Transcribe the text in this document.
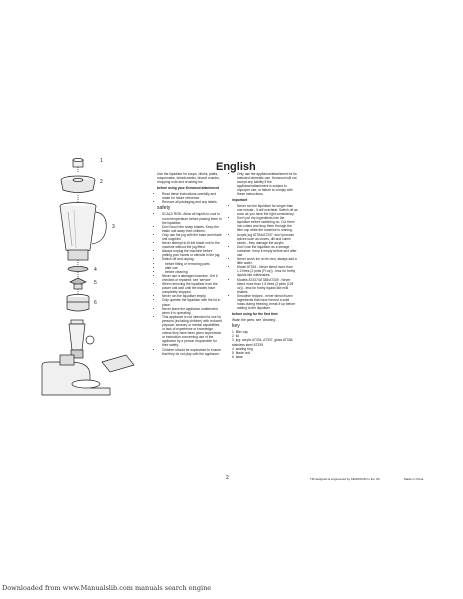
English
1
2
3
4
5
6

Use the liquidiser for soups, drinks, pâtés, mayonnaise, breadcrumbs, biscuit crumbs, chopping nuts and crushing ice.

before using your Kenwood attachment

• Read these instructions carefully and retain for future reference.
• Remove all packaging and any labels.

safety

• SCALD RISK: Allow all liquids to cool to room temperature before placing them in the liquidiser.
• Don't touch the sharp blades. Keep the blade unit away from children.
• Only use the jug with the base and blade unit supplied.
• Never attempt to fit the blade unit to the machine without the jug fitted.
• Always unplug the machine before putting your hands or utensils in the jug.
• Switch off and unplug:
• before fitting or removing parts
• after use
• before cleaning
• Never use a damaged machine. Get it checked or repaired: see 'service'.
• When removing the liquidiser from the power unit wait until the blades have completely stopped.
• Never run the liquidiser empty.
• Only operate the liquidiser with the lid in place.
• Never leave the appliance unattended when it is operating.
• This appliance is not intended for use by persons (including children) with reduced physical, sensory or mental capabilities, or lack of experience or knowledge, unless they have been given supervision or instruction concerning use of the appliance by a person responsible for their safety.
• Children should be supervised to ensure that they do not play with the appliance.
• Only use the appliance/attachment for its intended domestic use. Kenwood will not accept any liability if the appliance/attachment is subject to improper use, or failure to comply with these instructions.

important

• Never run the liquidiser for longer than one minute - it will overheat. Switch off as soon as you have the right consistency.
• Don't put dry ingredients into the liquidiser before switching on. Cut them into cubes and drop them through the filler cap while the machine is running.
• Acrylic jug AT334/AT337: don't process spices such as cloves, dill and cumin seeds - they damage the acrylic.
• Don't use the liquidiser as a storage container. Keep it empty before and after use.
• Never crush ice on its own, always add a little water.
• Model AT334 - Never blend more than 1.2 litres (2 pints (Fl.oz)) - less for frothy liquids like milkshakes.
• Models AT337/AT338/AT339 - Never blend more than 1.6 litres (2 pints (12fl oz)) - less for frothy liquids like milk shakes.
• Smoothie recipes - never blend frozen ingredients that have formed a solid mass during freezing, break it up before adding to the liquidiser.

before using for the first time

Wash the parts: see 'cleaning'.

key

1 filler cap
2 lid
3 jug: acrylic AT334, AT337, glass AT338, stainless steel AT339
4 sealing ring
5 blade unit
6 base
2	TM designed & engineered by KENWOOD in the UK	Made in China
Downloaded from www.Manualslib.com manuals search engine
